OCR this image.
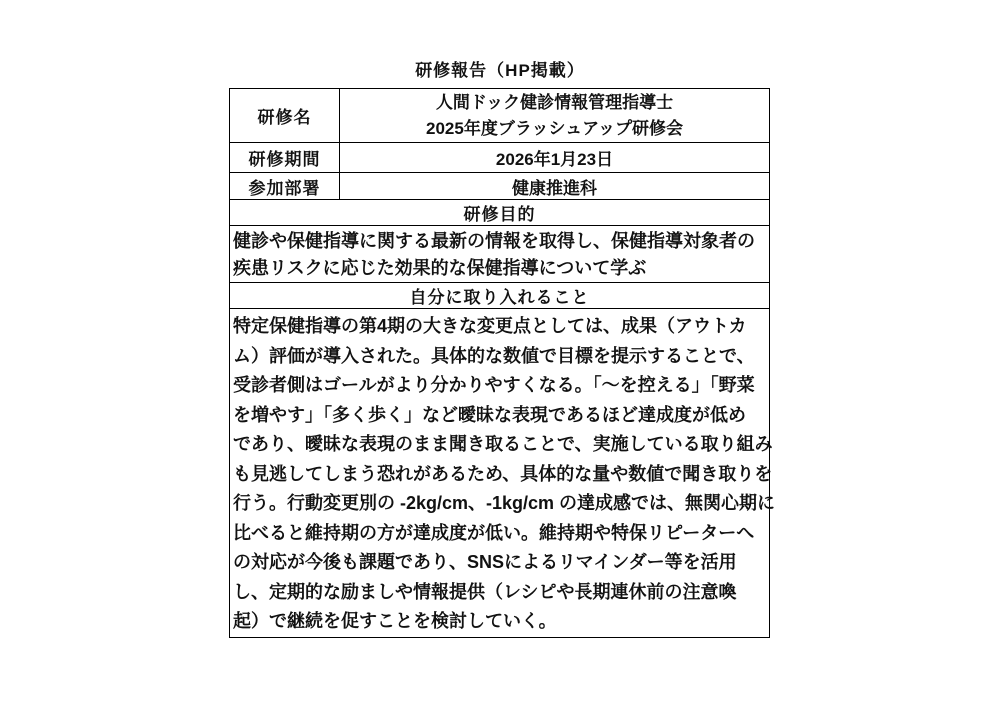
研修報告（HP掲載）
研修名	人間ドック健診情報管理指導士
2025年度ブラッシュアップ研修会

研修期間	2026年1月23日
参加部署	健康推進科
研修目的	

健診や保健指導に関する最新の情報を取得し、保健指導対象者の
疾患リスクに応じた効果的な保健指導について学ぶ	

自分に取り入れること	

特定保健指導の第4期の大きな変更点としては、成果（アウトカ
ム）評価が導入された。具体的な数値で目標を提示することで、
受診者側はゴールがより分かりやすくなる。「～を控える」「野菜
を増やす」「多く歩く」など曖昧な表現であるほど達成度が低め
であり、曖昧な表現のまま聞き取ることで、実施している取り組み
も見逃してしまう恐れがあるため、具体的な量や数値で聞き取りを
行う。行動変更別の -2kg/cm、-1kg/cm の達成感では、無関心期に
比べると維持期の方が達成度が低い。維持期や特保リピーターへ
の対応が今後も課題であり、SNSによるリマインダー等を活用
し、定期的な励ましや情報提供（レシピや長期連休前の注意喚
起）で継続を促すことを検討していく。
